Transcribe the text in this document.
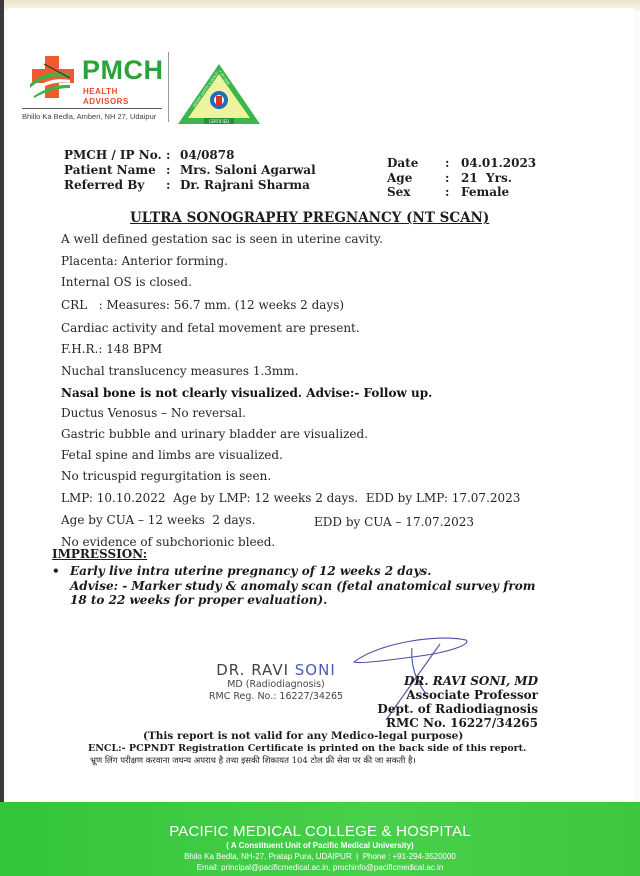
PMCH
HEALTH ADVISORS
Bhillo Ka Bedla, Amberi, NH 27, Udaipur
CERTIFIED
PATIENT SAFETY & QUALITY OF CARE
PMCH / IP No. : 04/0878
Patient Name : Mrs. Saloni Agarwal
Referred By	: Dr. Rajrani Sharma
Date	: 04.01.2023
Age	: 21  Yrs.
Sex	: Female
ULTRA SONOGRAPHY PREGNANCY (NT SCAN)
A well defined gestation sac is seen in uterine cavity.
Placenta: Anterior forming.
Internal OS is closed.
CRL   : Measures: 56.7 mm. (12 weeks 2 days)
Cardiac activity and fetal movement are present.
F.H.R.: 148 BPM
Nuchal translucency measures 1.3mm.
Nasal bone is not clearly visualized. Advise:- Follow up.
Ductus Venosus – No reversal.
Gastric bubble and urinary bladder are visualized.
Fetal spine and limbs are visualized.
No tricuspid regurgitation is seen.
LMP: 10.10.2022  Age by LMP: 12 weeks 2 days.  EDD by LMP: 17.07.2023
Age by CUA – 12 weeks  2 days.
No evidence of subchorionic bleed.
EDD by CUA – 17.07.2023
IMPRESSION:
• Early live intra uterine pregnancy of 12 weeks 2 days.
Advise: - Marker study & anomaly scan (fetal anatomical survey from
18 to 22 weeks for proper evaluation).
DR. RAVI SONI
MD (Radiodiagnosis)
RMC Reg. No.: 16227/34265
DR. RAVI SONI, MD
Associate Professor
Dept. of Radiodiagnosis
RMC No. 16227/34265
(This report is not valid for any Medico-legal purpose)
ENCL:- PCPNDT Registration Certificate is printed on the back side of this report.
भ्रूण लिंग परीक्षण करवाना जघन्य अपराध है तथा इसकी शिकायत 104 टोल फ्री सेवा पर की जा सकती है।
PACIFIC MEDICAL COLLEGE & HOSPITAL
( A Constituent Unit of Pacific Medical University)
Bhilo Ka Bedla, NH-27, Pratap Pura, UDAIPUR  |  Phone : +91-294-3520000
Email: principal@pacificmedical.ac.in, prochinfo@pacificmedical.ac.in
